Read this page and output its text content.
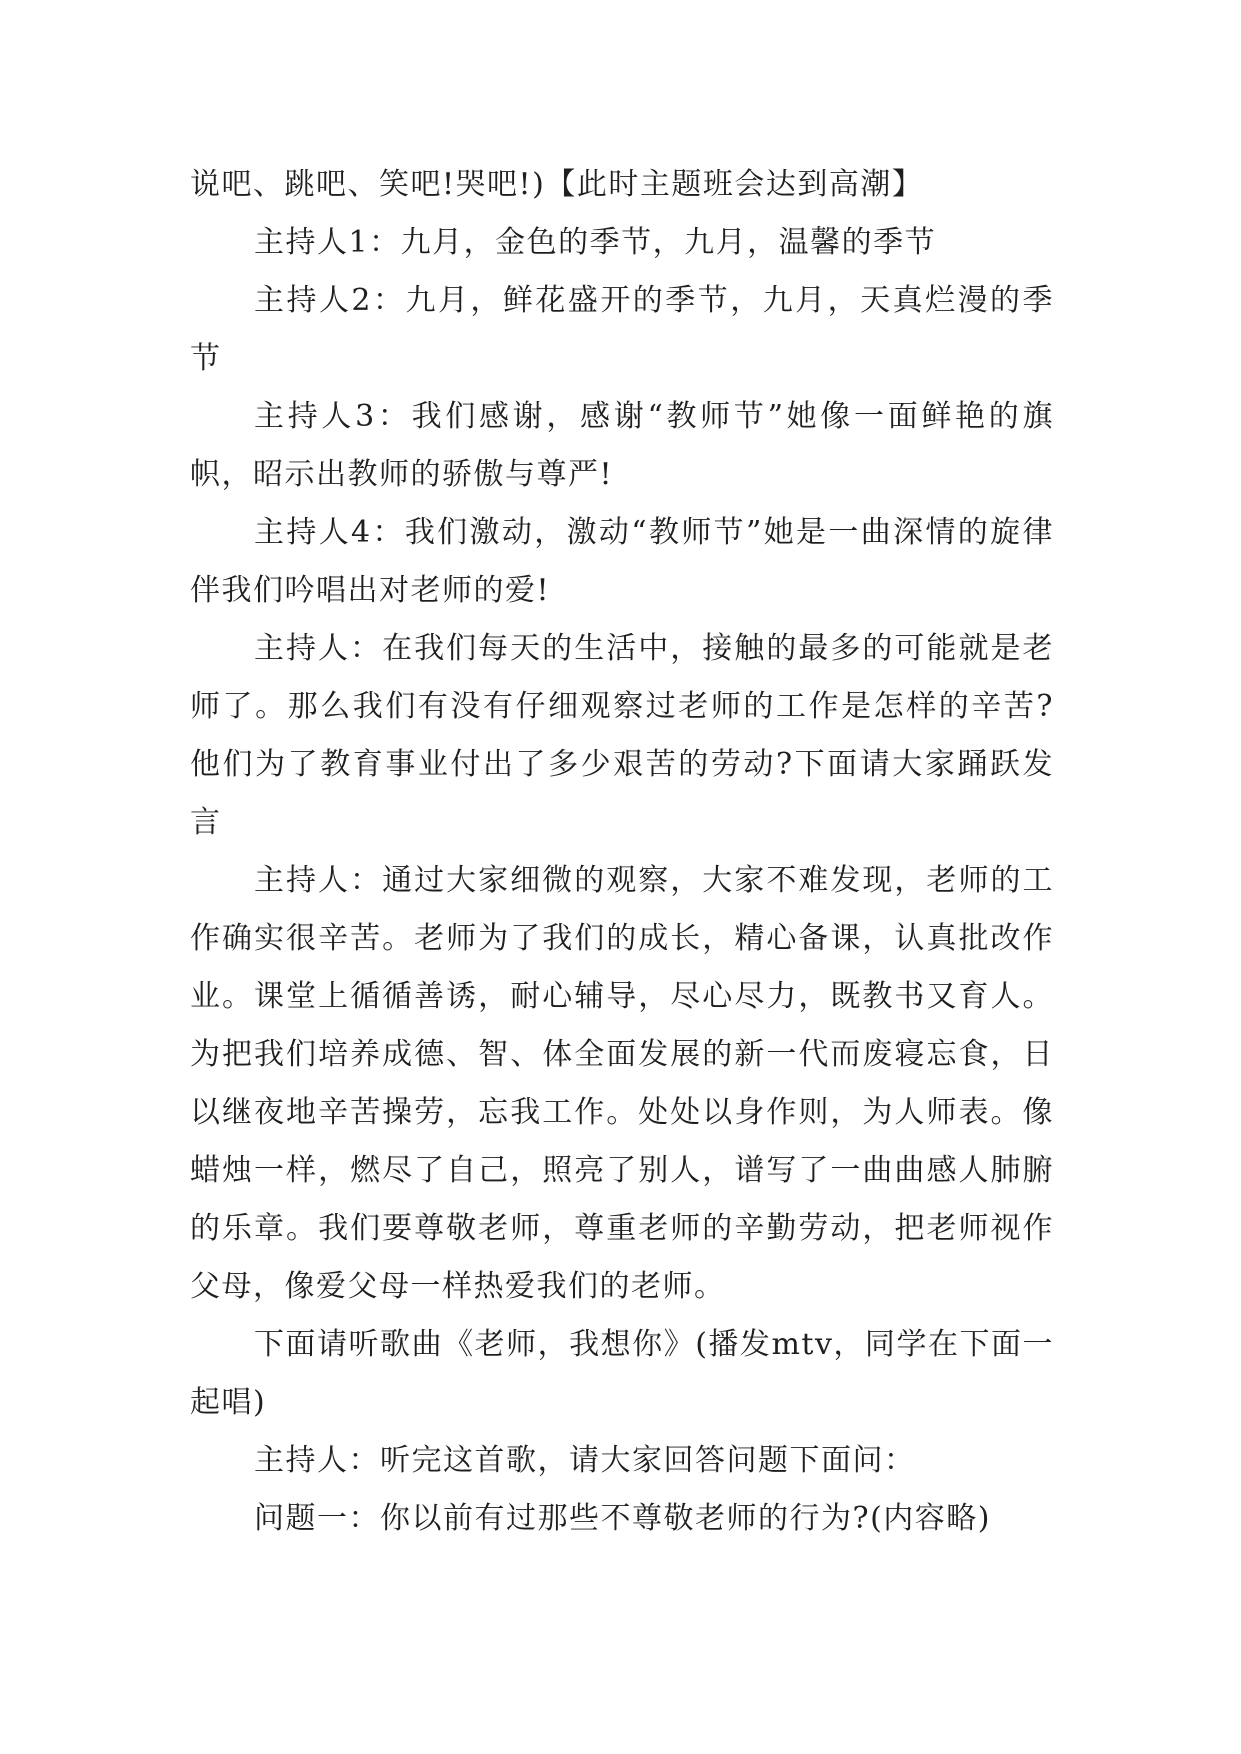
说吧、跳吧、笑吧!哭吧!)【此时主题班会达到高潮】

主持人1：九月，金色的季节，九月，温馨的季节

主持人2：九月，鲜花盛开的季节，九月，天真烂漫的季节

主持人3：我们感谢，感谢“教师节”她像一面鲜艳的旗帜，昭示出教师的骄傲与尊严!

主持人4：我们激动，激动“教师节”她是一曲深情的旋律伴我们吟唱出对老师的爱!

主持人：在我们每天的生活中，接触的最多的可能就是老师了。那么我们有没有仔细观察过老师的工作是怎样的辛苦?他们为了教育事业付出了多少艰苦的劳动?下面请大家踊跃发言

主持人：通过大家细微的观察，大家不难发现，老师的工作确实很辛苦。老师为了我们的成长，精心备课，认真批改作业。课堂上循循善诱，耐心辅导，尽心尽力，既教书又育人。为把我们培养成德、智、体全面发展的新一代而废寝忘食，日以继夜地辛苦操劳，忘我工作。处处以身作则，为人师表。像蜡烛一样，燃尽了自己，照亮了别人，谱写了一曲曲感人肺腑的乐章。我们要尊敬老师，尊重老师的辛勤劳动，把老师视作父母，像爱父母一样热爱我们的老师。

下面请听歌曲《老师，我想你》(播发mtv，同学在下面一起唱)

主持人：听完这首歌，请大家回答问题下面问：

问题一：你以前有过那些不尊敬老师的行为?(内容略)
